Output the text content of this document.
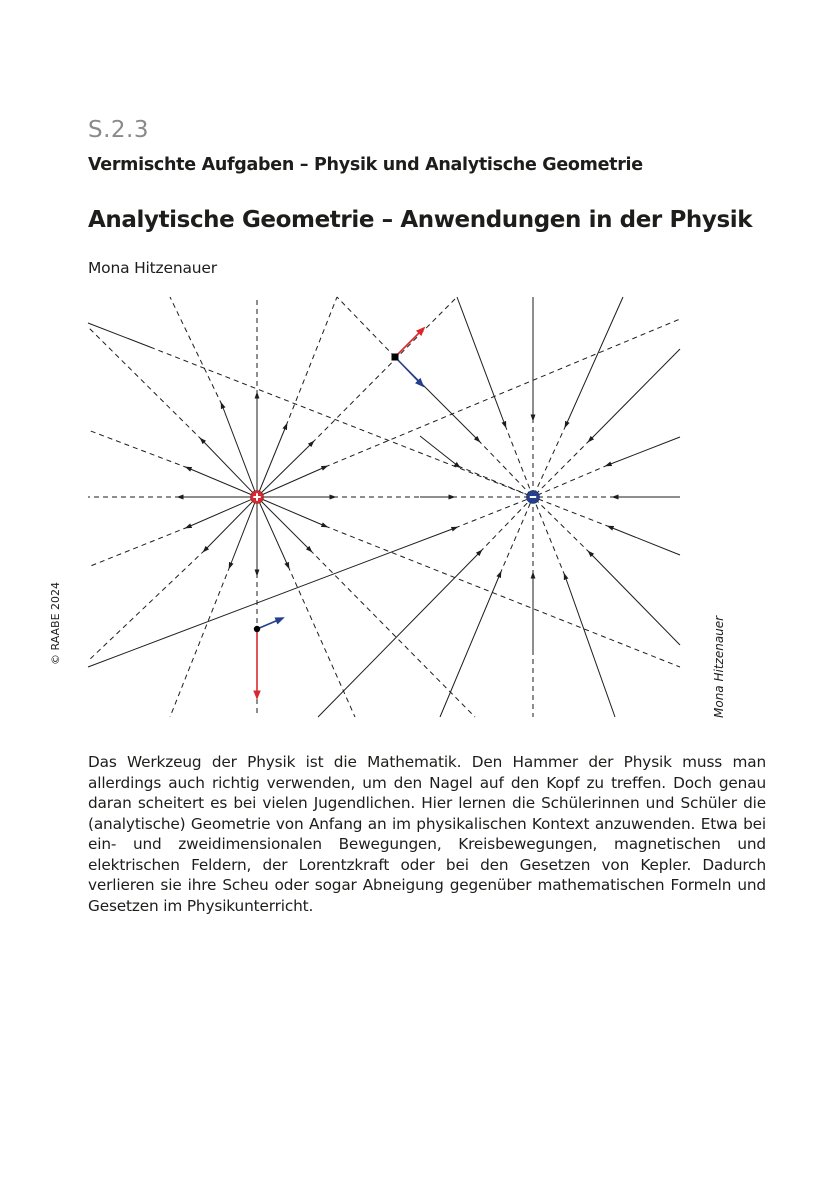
S.2.3
Vermischte Aufgaben – Physik und Analytische Geometrie
Analytische Geometrie – Anwendungen in der Physik
Mona Hitzenauer
© RAABE 2024	Mona Hitzenauer
Das Werkzeug der Physik ist die Mathematik. Den Hammer der Physik muss man allerdings auch richtig verwenden, um den Nagel auf den Kopf zu treffen. Doch genau daran scheitert es bei vielen Jugendlichen. Hier lernen die Schülerinnen und Schüler die (analytische) Geometrie von Anfang an im physikalischen Kontext anzuwenden. Etwa bei ein- und zweidimensionalen Bewegungen, Kreisbewegungen, magnetischen und elektrischen Feldern, der Lorentzkraft oder bei den Gesetzen von Kepler. Dadurch verlieren sie ihre Scheu oder sogar Abneigung gegenüber mathematischen Formeln und Gesetzen im Physikunterricht.
